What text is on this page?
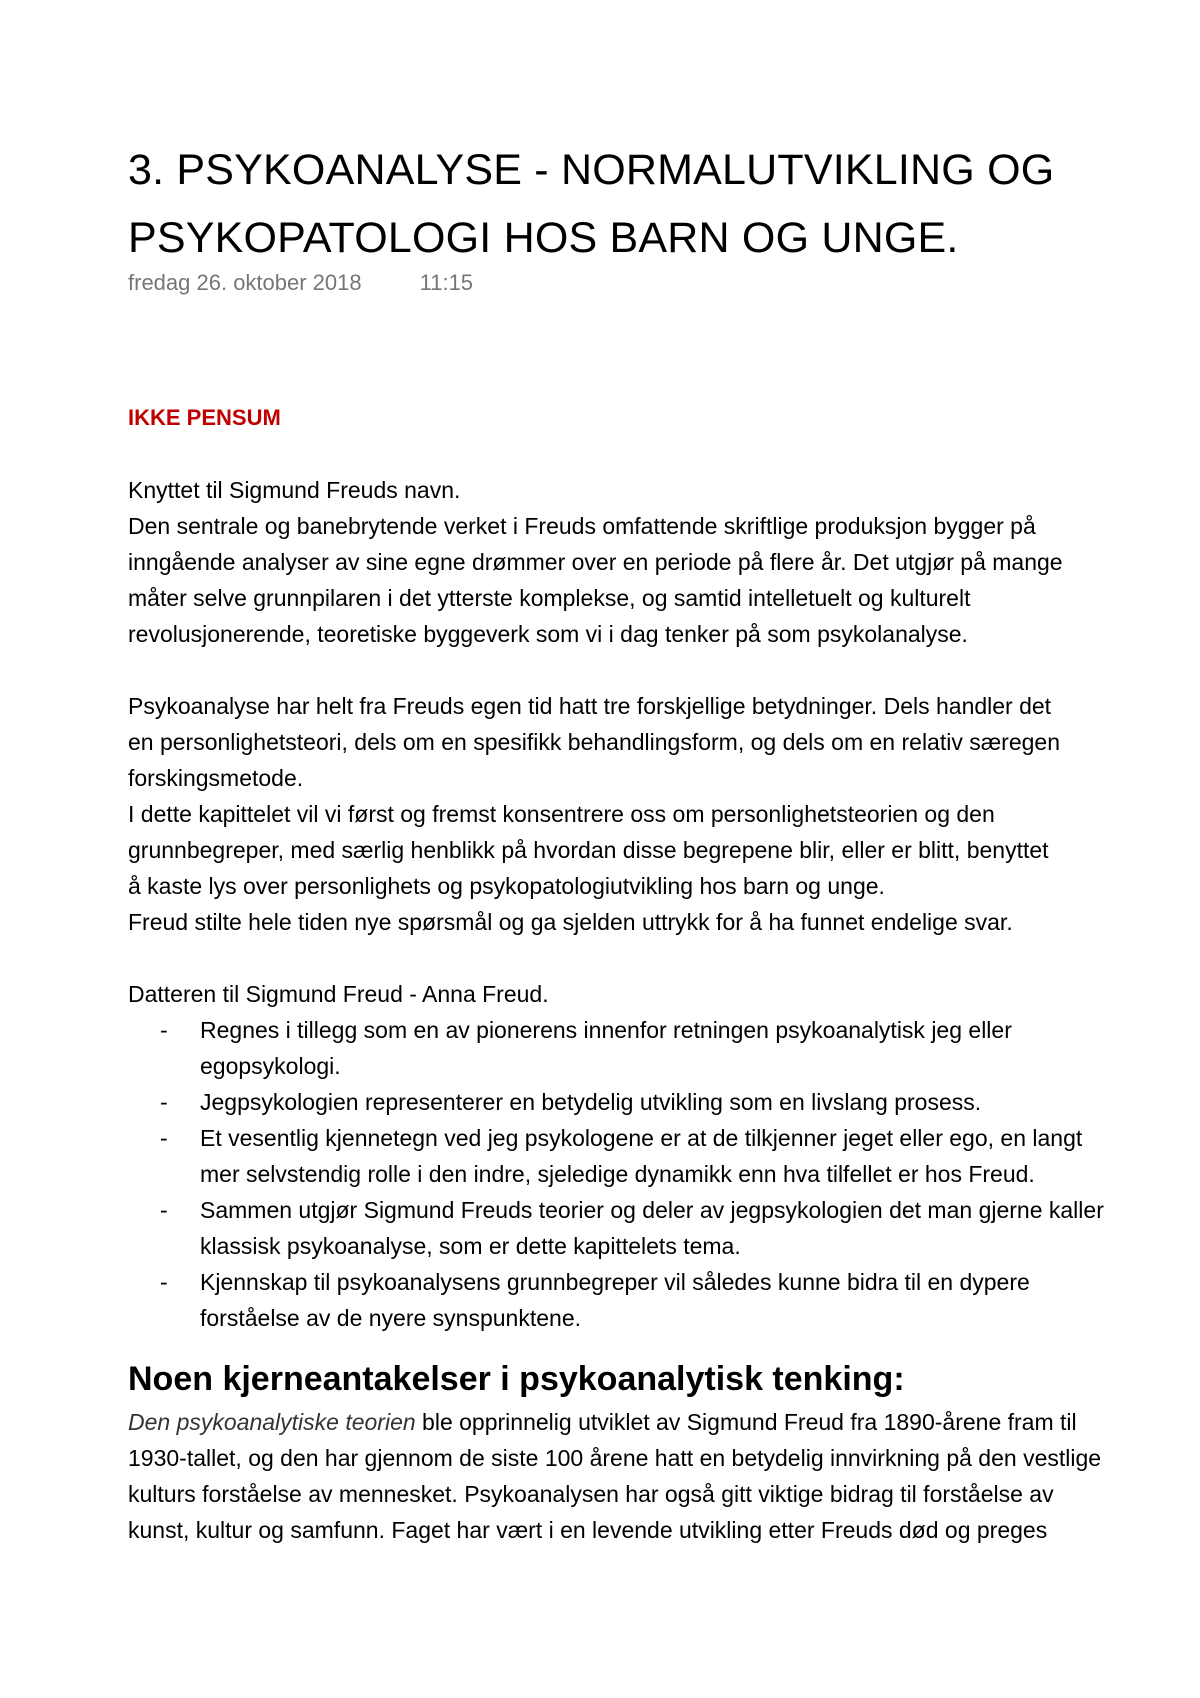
3. PSYKOANALYSE - NORMALUTVIKLING OG
PSYKOPATOLOGI HOS BARN OG UNGE.
fredag 26. oktober 2018	11:15
IKKE PENSUM
Knyttet til Sigmund Freuds navn.
Den sentrale og banebrytende verket i Freuds omfattende skriftlige produksjon bygger på
inngående analyser av sine egne drømmer over en periode på flere år. Det utgjør på mange
måter selve grunnpilaren i det ytterste komplekse, og samtid intelletuelt og kulturelt
revolusjonerende, teoretiske byggeverk som vi i dag tenker på som psykolanalyse.
Psykoanalyse har helt fra Freuds egen tid hatt tre forskjellige betydninger. Dels handler det
en personlighetsteori, dels om en spesifikk behandlingsform, og dels om en relativ særegen
forskingsmetode.
I dette kapittelet vil vi først og fremst konsentrere oss om personlighetsteorien og den
grunnbegreper, med særlig henblikk på hvordan disse begrepene blir, eller er blitt, benyttet
å kaste lys over personlighets og psykopatologiutvikling hos barn og unge.
Freud stilte hele tiden nye spørsmål og ga sjelden uttrykk for å ha funnet endelige svar.
Datteren til Sigmund Freud - Anna Freud.
- Regnes i tillegg som en av pionerens innenfor retningen psykoanalytisk jeg eller
egopsykologi.
- Jegpsykologien representerer en betydelig utvikling som en livslang prosess.
- Et vesentlig kjennetegn ved jeg psykologene er at de tilkjenner jeget eller ego, en langt
mer selvstendig rolle i den indre, sjeledige dynamikk enn hva tilfellet er hos Freud.
- Sammen utgjør Sigmund Freuds teorier og deler av jegpsykologien det man gjerne kaller
klassisk psykoanalyse, som er dette kapittelets tema.
- Kjennskap til psykoanalysens grunnbegreper vil således kunne bidra til en dypere
forståelse av de nyere synspunktene.
Noen kjerneantakelser i psykoanalytisk tenking:
Den psykoanalytiske teorien ble opprinnelig utviklet av Sigmund Freud fra 1890-årene fram til
1930-tallet, og den har gjennom de siste 100 årene hatt en betydelig innvirkning på den vestlige
kulturs forståelse av mennesket. Psykoanalysen har også gitt viktige bidrag til forståelse av
kunst, kultur og samfunn. Faget har vært i en levende utvikling etter Freuds død og preges
